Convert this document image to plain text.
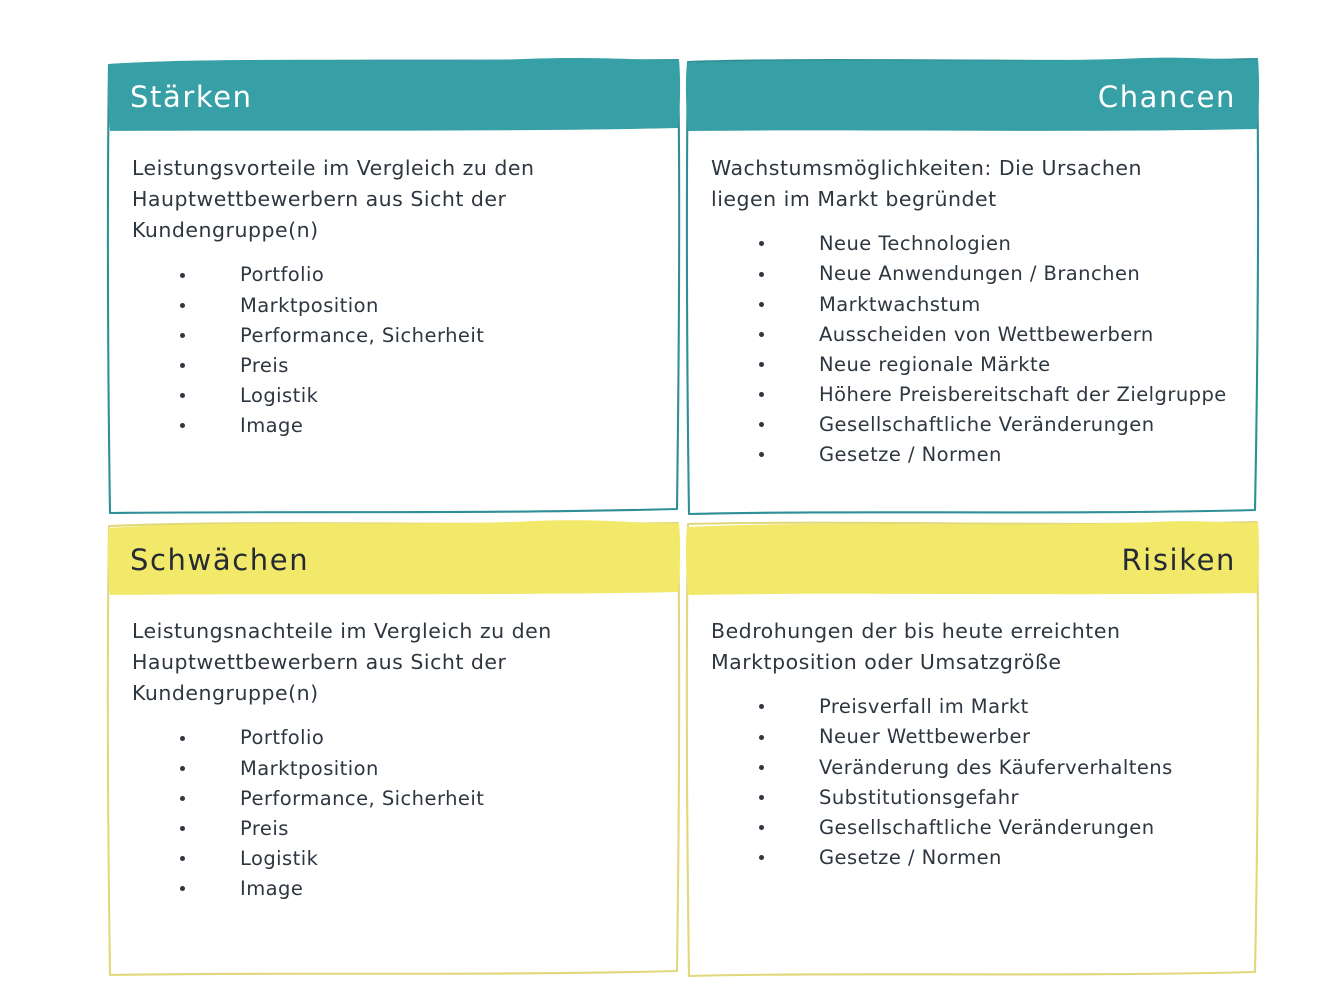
Stärken

Leistungsvorteile im Vergleich zu den Hauptwettbewerbern aus Sicht der Kundengruppe(n)

Portfolio
Marktposition
Performance, Sicherheit
Preis
Logistik
Image
Chancen

Wachstumsmöglichkeiten: Die Ursachen liegen im Markt begründet

Neue Technologien
Neue Anwendungen / Branchen
Marktwachstum
Ausscheiden von Wettbewerbern
Neue regionale Märkte
Höhere Preisbereitschaft der Zielgruppe
Gesellschaftliche Veränderungen
Gesetze / Normen
Schwächen

Leistungsnachteile im Vergleich zu den Hauptwettbewerbern aus Sicht der Kundengruppe(n)

Portfolio
Marktposition
Performance, Sicherheit
Preis
Logistik
Image
Risiken

Bedrohungen der bis heute erreichten Marktposition oder Umsatzgröße

Preisverfall im Markt
Neuer Wettbewerber
Veränderung des Käuferverhaltens
Substitutionsgefahr
Gesellschaftliche Veränderungen
Gesetze / Normen
